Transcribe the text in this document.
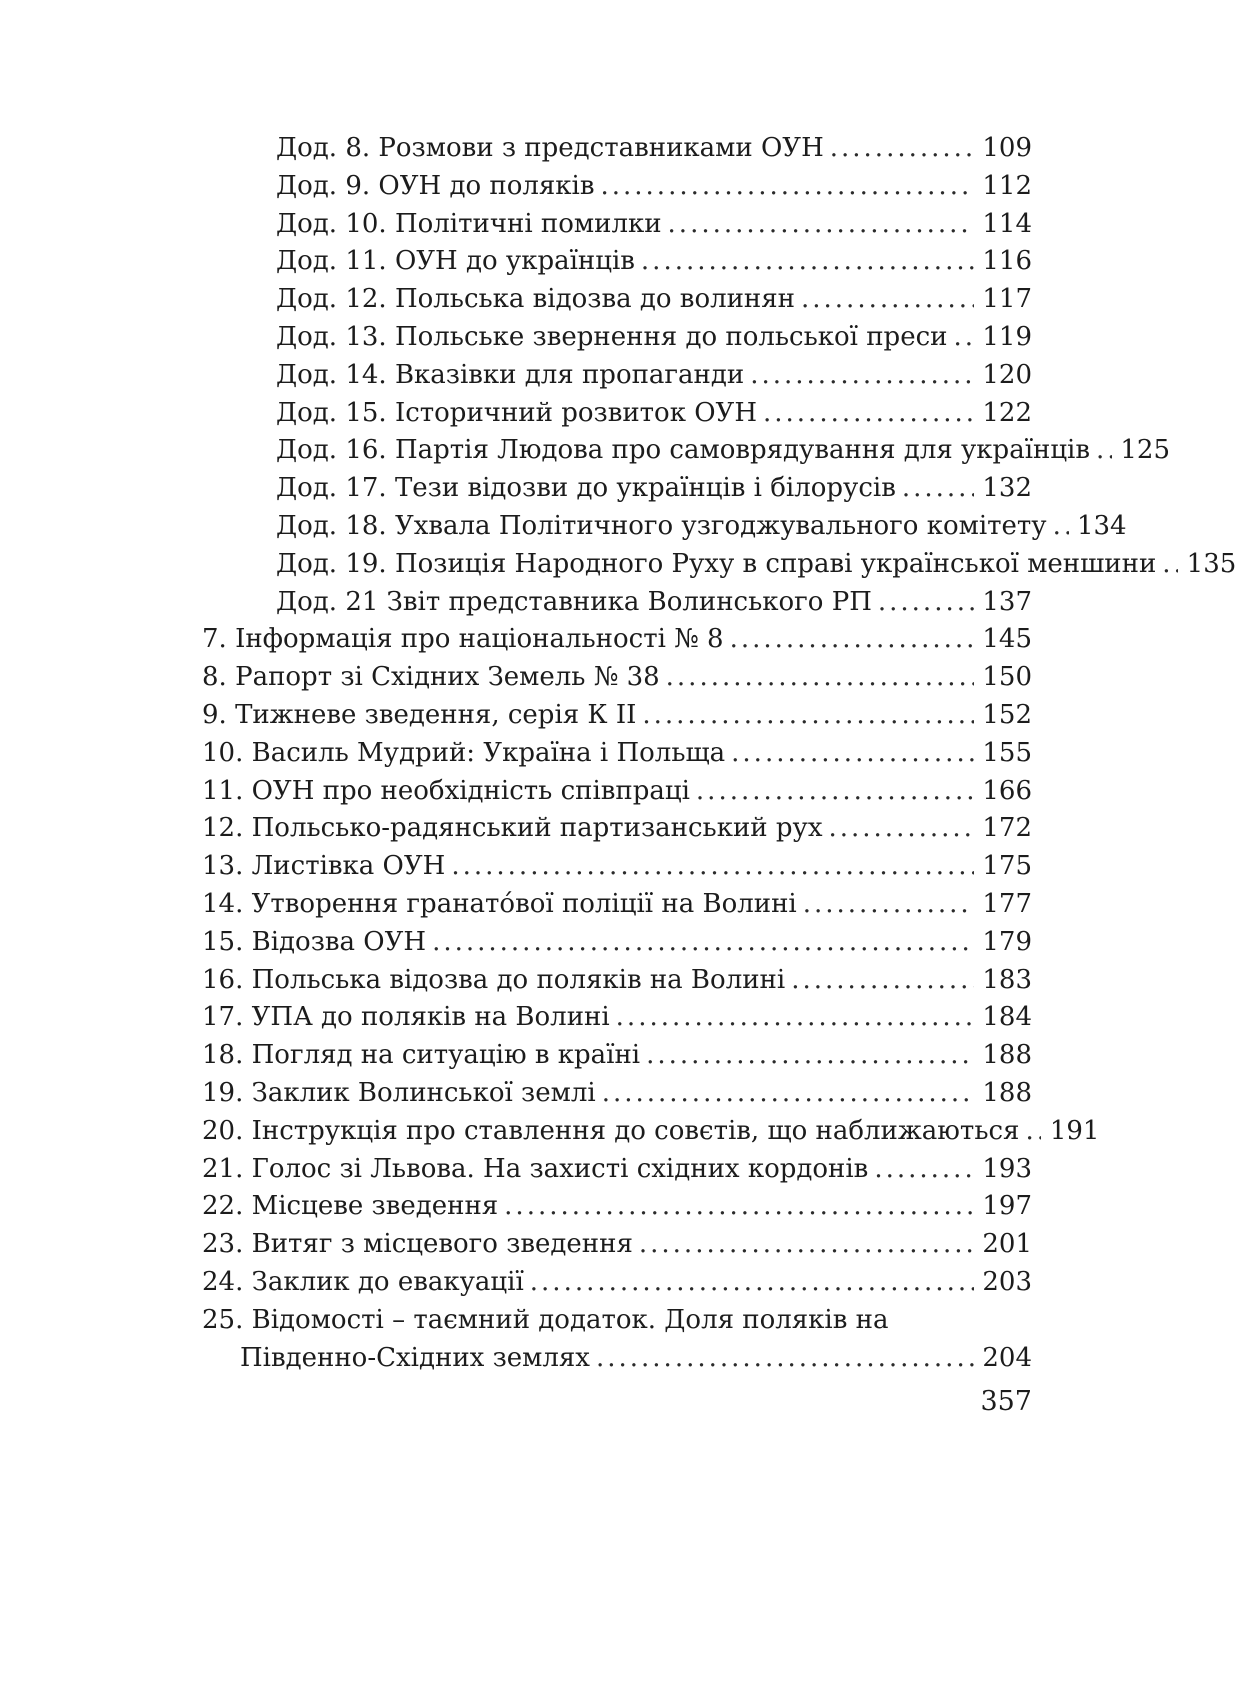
Дод. 8. Розмови з представниками ОУН .....	109
Дод. 9. ОУН до поляків .....	112
Дод. 10. Політичні помилки .....	114
Дод. 11. ОУН до українців .....	116
Дод. 12. Польська відозва до волинян .....	117
Дод. 13. Польське звернення до польської преси ..... 119
Дод. 14. Вказівки для пропаганди .....	120
Дод. 15. Історичний розвиток ОУН .....	122
Дод. 16. Партія Людова про самоврядування для українців ..... 125
Дод. 17. Тези відозви до українців і білорусів .....	132
Дод. 18. Ухвала Політичного узгоджувального комітету ..... 134
Дод. 19. Позиція Народного Руху в справі української меншини ..... 135
Дод. 21 Звіт представника Волинського РП .....	137
7. Інформація про національності № 8 .....	145
8. Рапорт зі Східних Земель № 38 .....	150
9. Тижневе зведення, серія К ІІ .....	152
10. Василь Мудрий: Україна і Польща .....	155
11. ОУН про необхідність співпраці .....	166
12. Польсько-радянський партизанський рух .....	172
13. Листівка ОУН .....	175
14. Утворення гранато́вої поліції на Волині .....	177
15. Відозва ОУН .....	179
16. Польська відозва до поляків на Волині .....	183
17. УПА до поляків на Волині .....	184
18. Погляд на ситуацію в країні .....	188
19. Заклик Волинської землі .....	188
20. Інструкція про ставлення до совєтів, що наближаються ..... 191
21. Голос зі Львова. На захисті східних кордонів .....	193
22. Місцеве зведення .....	197
23. Витяг з місцевого зведення .....	201
24. Заклик до евакуації .....	203
25. Відомості – таємний додаток. Доля поляків на
Південно-Східних землях .....	204
357
